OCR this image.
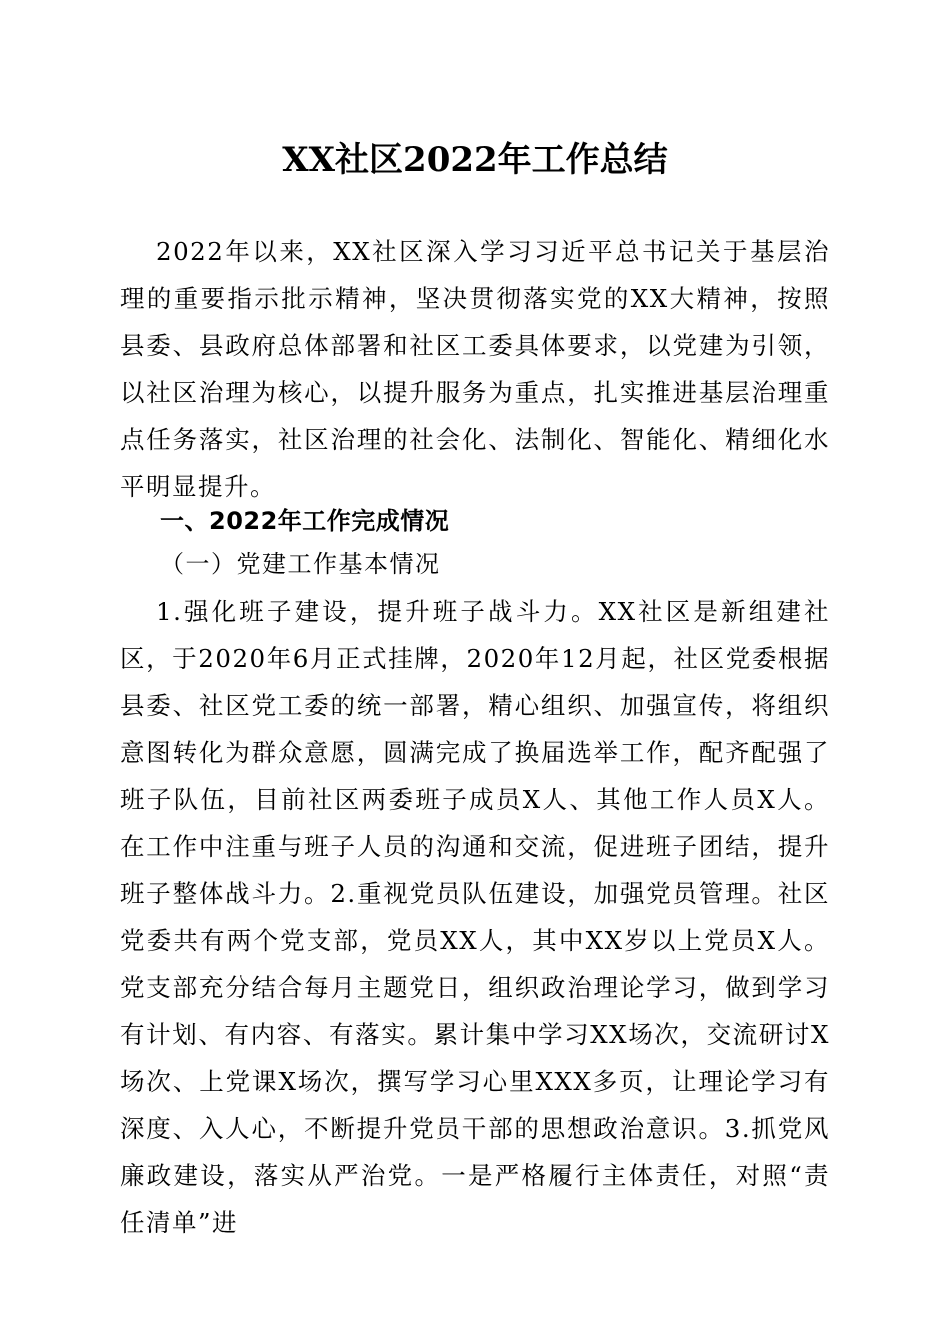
XX社区2022年工作总结

2022年以来，XX社区深入学习习近平总书记关于基层治理的重要指示批示精神，坚决贯彻落实党的XX大精神，按照县委、县政府总体部署和社区工委具体要求，以党建为引领，以社区治理为核心，以提升服务为重点，扎实推进基层治理重点任务落实，社区治理的社会化、法制化、智能化、精细化水平明显提升。

一、2022年工作完成情况
（一）党建工作基本情况

1.强化班子建设，提升班子战斗力。XX社区是新组建社区，于2020年6月正式挂牌，2020年12月起，社区党委根据县委、社区党工委的统一部署，精心组织、加强宣传，将组织意图转化为群众意愿，圆满完成了换届选举工作，配齐配强了班子队伍，目前社区两委班子成员X人、其他工作人员X人。在工作中注重与班子人员的沟通和交流，促进班子团结，提升班子整体战斗力。2.重视党员队伍建设，加强党员管理。社区党委共有两个党支部，党员XX人，其中XX岁以上党员X人。党支部充分结合每月主题党日，组织政治理论学习，做到学习有计划、有内容、有落实。累计集中学习XX场次，交流研讨X场次、上党课X场次，撰写学习心里XXX多页，让理论学习有深度、入人心，不断提升党员干部的思想政治意识。3.抓党风廉政建设，落实从严治党。一是严格履行主体责任，对照“责任清单”进
